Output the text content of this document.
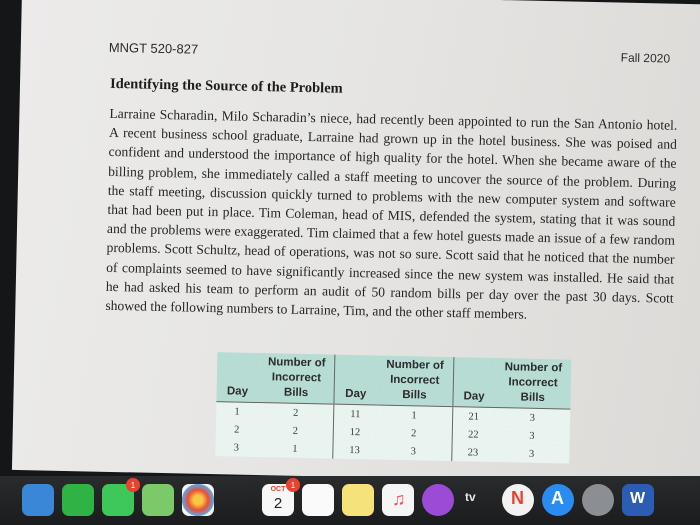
MNGT 520-827
Fall 2020
Identifying the Source of the Problem
Larraine Scharadin, Milo Scharadin’s niece, had recently been appointed to run the San Antonio hotel. A recent business school graduate, Larraine had grown up in the hotel business. She was poised and confident and understood the importance of high quality for the hotel. When she became aware of the billing problem, she immediately called a staff meeting to uncover the source of the problem. During the staff meeting, discussion quickly turned to problems with the new computer system and software that had been put in place. Tim Coleman, head of MIS, defended the system, stating that it was sound and the problems were exaggerated. Tim claimed that a few hotel guests made an issue of a few random problems. Scott Schultz, head of operations, was not so sure. Scott said that he noticed that the number of complaints seemed to have significantly increased since the new system was installed. He said that he had asked his team to perform an audit of 50 random bills per day over the past 30 days. Scott showed the following numbers to Larraine, Tim, and the other staff members.
Day	Number of Incorrect Bills	Day	Number of Incorrect Bills	Day	Number of Incorrect Bills
1	2	11	1	21	3
2	2	12	2	22	3
3	1	13	3	23	3
1	OCT
2
1
♫	tv N A	W
